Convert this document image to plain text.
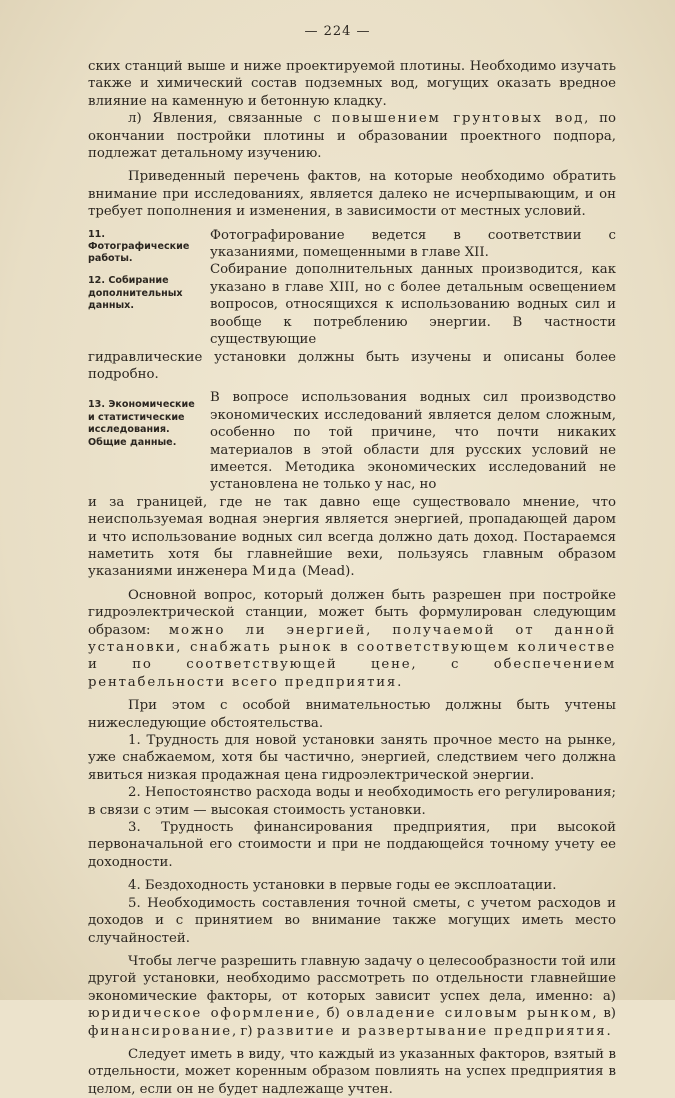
— 224 —

ских станций выше и ниже проектируемой плотины. Необходимо изучать также и химический состав подземных вод, могущих оказать вредное влияние на каменную и бетонную кладку.

л) Явления, связанные с повышением грунтовых вод, по окончании постройки плотины и образовании проектного подпора, подлежат детальному изучению.

Приведенный перечень фактов, на которые необходимо обратить внимание при исследованиях, является далеко не исчерпывающим, и он требует пополнения и изменения, в зависимости от местных условий.

11. Фотографические работы.

Фотографирование ведется в соответствии с указаниями, помещенными в главе XII.

12. Собирание дополнительных данных.

Собирание дополнительных данных производится, как указано в главе XIII, но с более детальным освещением вопросов, относящихся к использованию водных сил и вообще к потреблению энергии. В частности существующие

гидравлические установки должны быть изучены и описаны более подробно.

13. Экономические и статистические исследования. Общие данные.

В вопросе использования водных сил производство экономических исследований является делом сложным, особенно по той причине, что почти никаких материалов в этой области для русских условий не имеется. Методика экономических исследований не установлена не только у нас, но

и за границей, где не так давно еще существовало мнение, что неиспользуемая водная энергия является энергией, пропадающей даром и что использование водных сил всегда должно дать доход. Постараемся наметить хотя бы главнейшие вехи, пользуясь главным образом указаниями инженера Мида (Mead).

Основной вопрос, который должен быть разрешен при постройке гидроэлектрической станции, может быть формулирован следующим образом: можно ли энергией, получаемой от данной установки, снабжать рынок в соответствующем количестве и по соответствующей цене, с обеспечением рентабельности всего предприятия.

При этом с особой внимательностью должны быть учтены нижеследующие обстоятельства.

1. Трудность для новой установки занять прочное место на рынке, уже снабжаемом, хотя бы частично, энергией, следствием чего должна явиться низкая продажная цена гидроэлектрической энергии.

2. Непостоянство расхода воды и необходимость его регулирования; в связи с этим — высокая стоимость установки.

3. Трудность финансирования предприятия, при высокой первоначальной его стоимости и при не поддающейся точному учету ее доходности.

4. Бездоходность установки в первые годы ее эксплоатации.

5. Необходимость составления точной сметы, с учетом расходов и доходов и с принятием во внимание также могущих иметь место случайностей.

Чтобы легче разрешить главную задачу о целесообразности той или другой установки, необходимо рассмотреть по отдельности главнейшие экономические факторы, от которых зависит успех дела, именно: а) юридическое оформление, б) овладение силовым рынком, в) финансирование, г) развитие и развертывание предприятия.

Следует иметь в виду, что каждый из указанных факторов, взятый в отдельности, может коренным образом повлиять на успех предприятия в целом, если он не будет надлежаще учтен.
